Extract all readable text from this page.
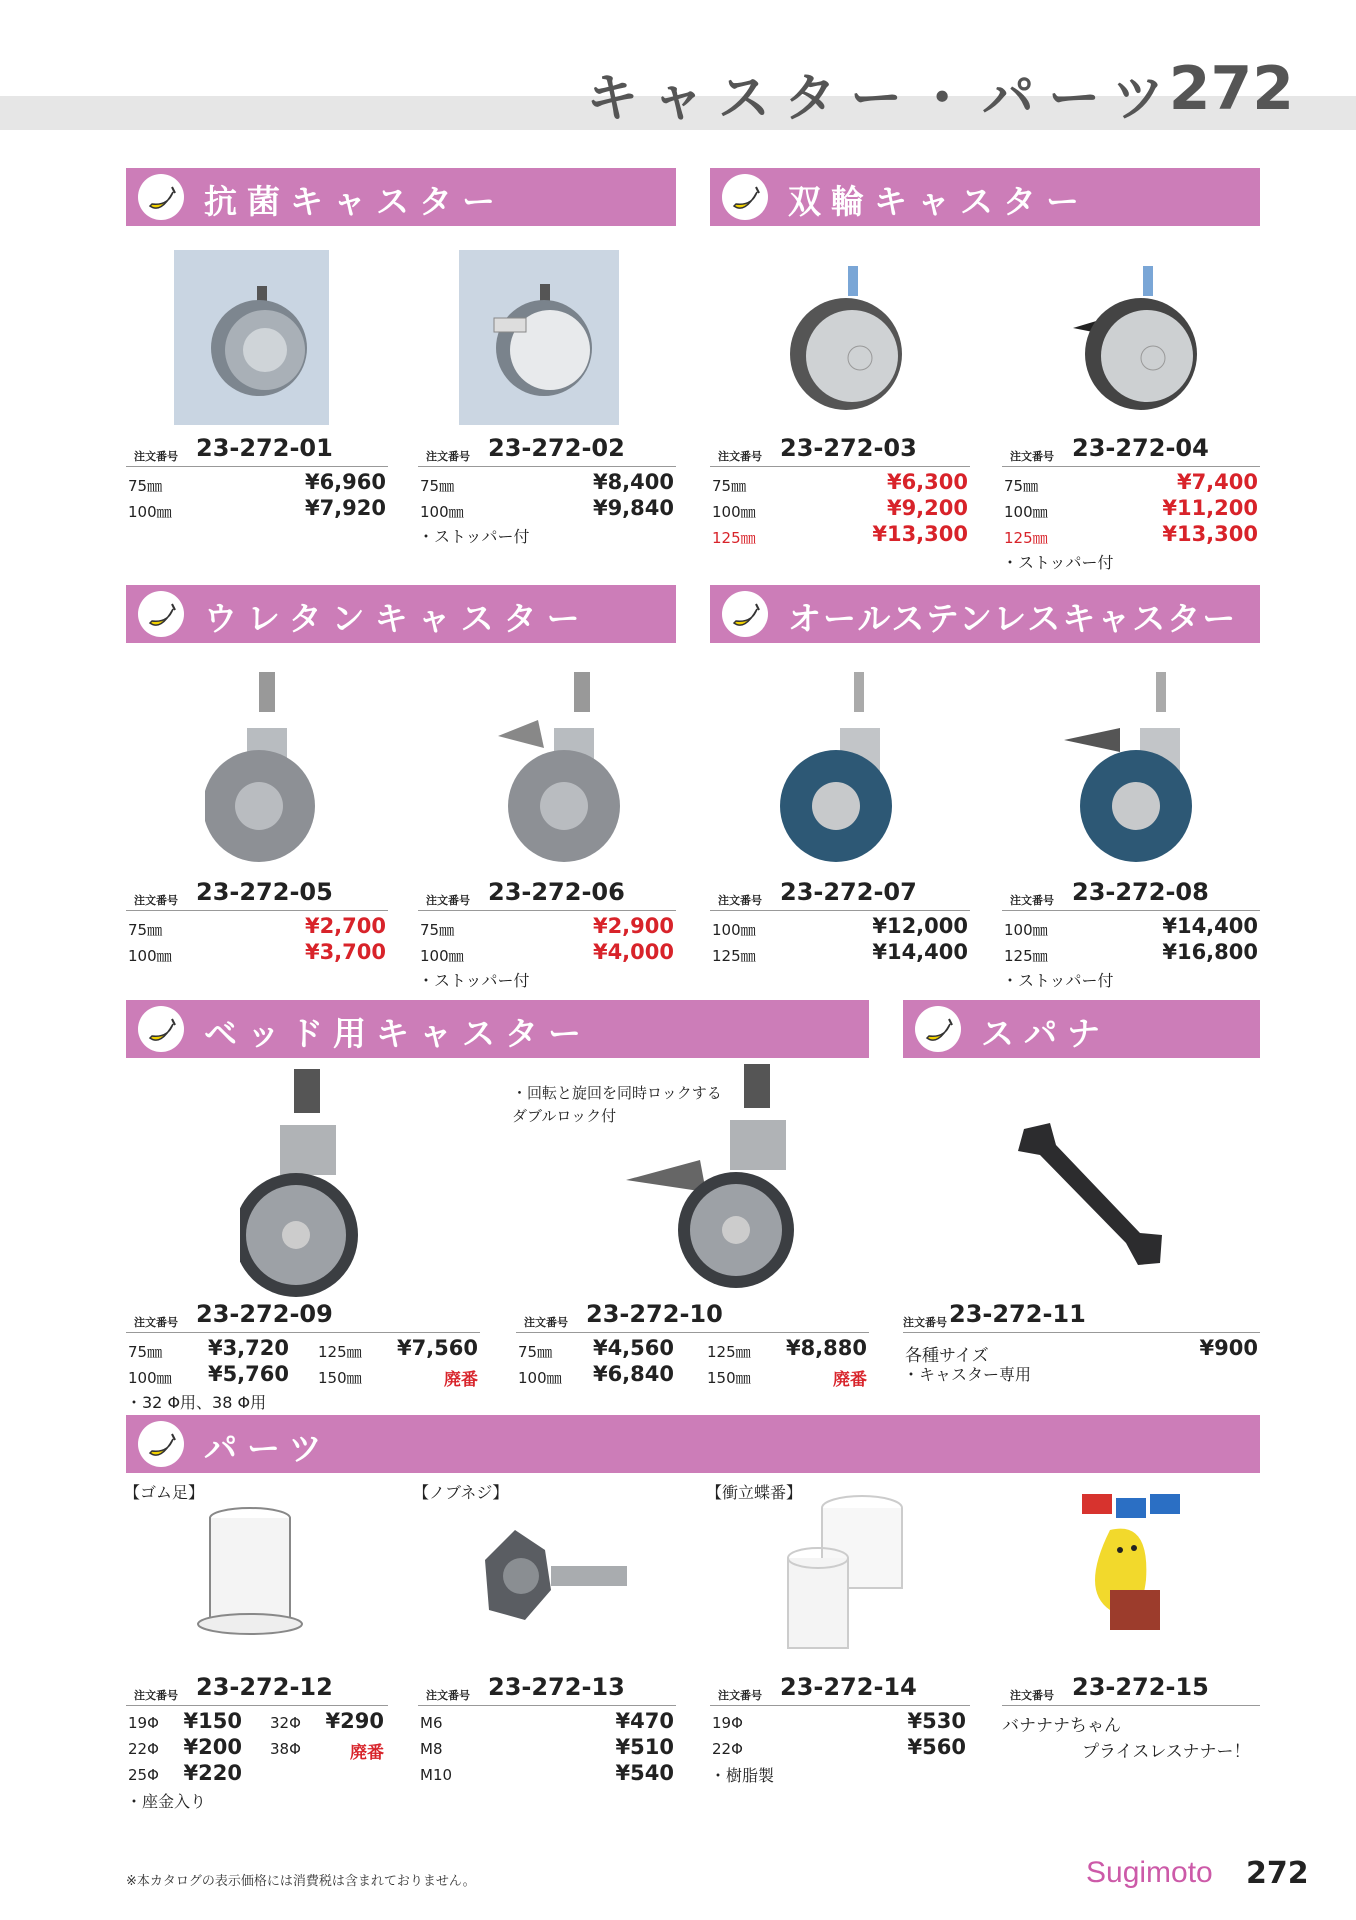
キャスター・パーツ
272
抗菌キャスター	双輪キャスター
ウレタンキャスター	オールステンレスキャスター
ベッド用キャスター	スパナ
パーツ
・回転と旋回を同時ロックする
ダブルロック付
【ゴム足】	【ノブネジ】	【衝立蝶番】
注文番号 23-272-01	注文番号 23-272-02	注文番号 23-272-03	注文番号 23-272-04
注文番号 23-272-05	注文番号 23-272-06	注文番号 23-272-07	注文番号 23-272-08
注文番号 23-272-09	注文番号 23-272-10	注文番号 23-272-11
注文番号 23-272-12	注文番号 23-272-13	注文番号 23-272-14	注文番号 23-272-15
75㎜	¥6,960
100㎜	¥7,920
75㎜	¥8,400
100㎜	¥9,840
・ストッパー付
75㎜	¥6,300
100㎜	¥9,200
125㎜	¥13,300
75㎜	¥7,400
100㎜	¥11,200
125㎜	¥13,300
・ストッパー付
75㎜	¥2,700
100㎜	¥3,700
75㎜	¥2,900
100㎜	¥4,000
・ストッパー付
100㎜	¥12,000
125㎜	¥14,400
100㎜	¥14,400
125㎜	¥16,800
・ストッパー付
75㎜ ¥3,720 125㎜ ¥7,560
100㎜ ¥5,760 150㎜	廃番
・32 Φ用、38 Φ用
75㎜ ¥4,560 125㎜ ¥8,880
100㎜ ¥6,840 150㎜	廃番
各種サイズ	¥900
・キャスター専用
19Φ ¥150 32Φ ¥290
22Φ ¥200 38Φ	廃番
25Φ ¥220
・座金入り
M6	¥470
M8	¥510
M10	¥540
19Φ	¥530
22Φ	¥560
・樹脂製
バナナナちゃん
プライスレスナナー！
※本カタログの表示価格には消費税は含まれておりません。	Sugimoto 272
